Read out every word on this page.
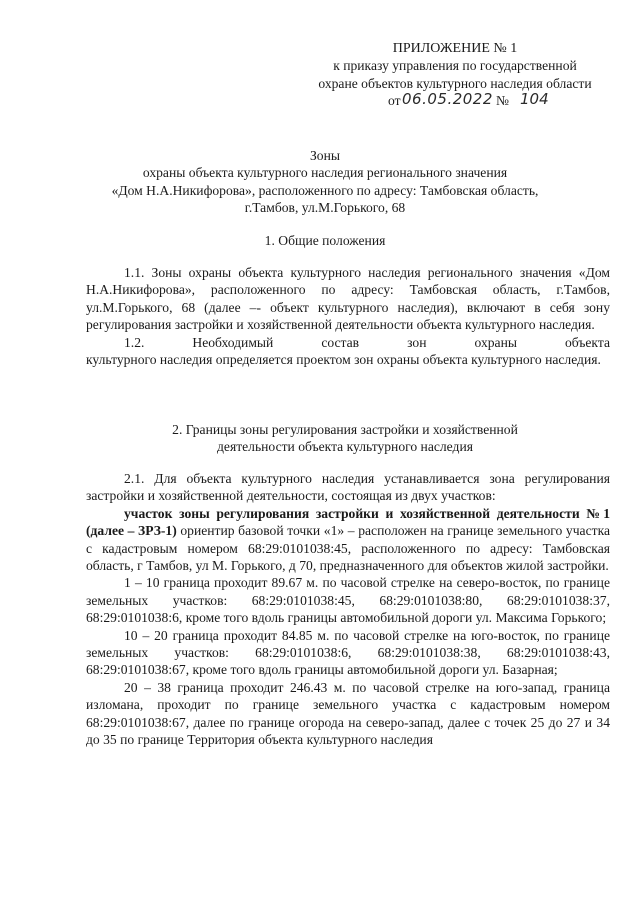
ПРИЛОЖЕНИЕ № 1
к приказу управления по государственной
охране объектов культурного наследия области
от 06.05.2022 № 104
Зоны
охраны объекта культурного наследия регионального значения
«Дом Н.А.Никифорова», расположенного по адресу: Тамбовская область,
г.Тамбов, ул.М.Горького, 68
1. Общие положения

1.1. Зоны охраны объекта культурного наследия регионального значения «Дом Н.А.Никифорова», расположенного по адресу: Тамбовская область, г.Тамбов, ул.М.Горького, 68 (далее –- объект культурного наследия), включают в себя зону регулирования застройки и хозяйственной деятельности объекта культурного наследия.

1.2. Необходимый состав зон охраны объекта

культурного наследия определяется проектом зон охраны объекта культурного наследия.

2. Границы зоны регулирования застройки и хозяйственной
деятельности объекта культурного наследия

2.1. Для объекта культурного наследия устанавливается зона регулирования застройки и хозяйственной деятельности, состоящая из двух участков:

участок зоны регулирования застройки и хозяйственной деятельности №1 (далее – ЗРЗ-1) ориентир базовой точки «1» – расположен на границе земельного участка с кадастровым номером 68:29:0101038:45, расположенного по адресу: Тамбовская область, г Тамбов, ул М. Горького, д 70, предназначенного для объектов жилой застройки.

1 – 10 граница проходит 89.67 м. по часовой стрелке на северо-восток, по границе земельных участков: 68:29:0101038:45, 68:29:0101038:80, 68:29:0101038:37, 68:29:0101038:6, кроме того вдоль границы автомобильной дороги ул. Максима Горького;

10 – 20 граница проходит 84.85 м. по часовой стрелке на юго-восток, по границе земельных участков: 68:29:0101038:6, 68:29:0101038:38, 68:29:0101038:43, 68:29:0101038:67, кроме того вдоль границы автомобильной дороги ул. Базарная;

20 – 38 граница проходит 246.43 м. по часовой стрелке на юго-запад, граница изломана, проходит по границе земельного участка с кадастровым номером 68:29:0101038:67, далее по границе огорода на северо-запад, далее с точек 25 до 27 и 34 до 35 по границе Территория объекта культурного наследия
